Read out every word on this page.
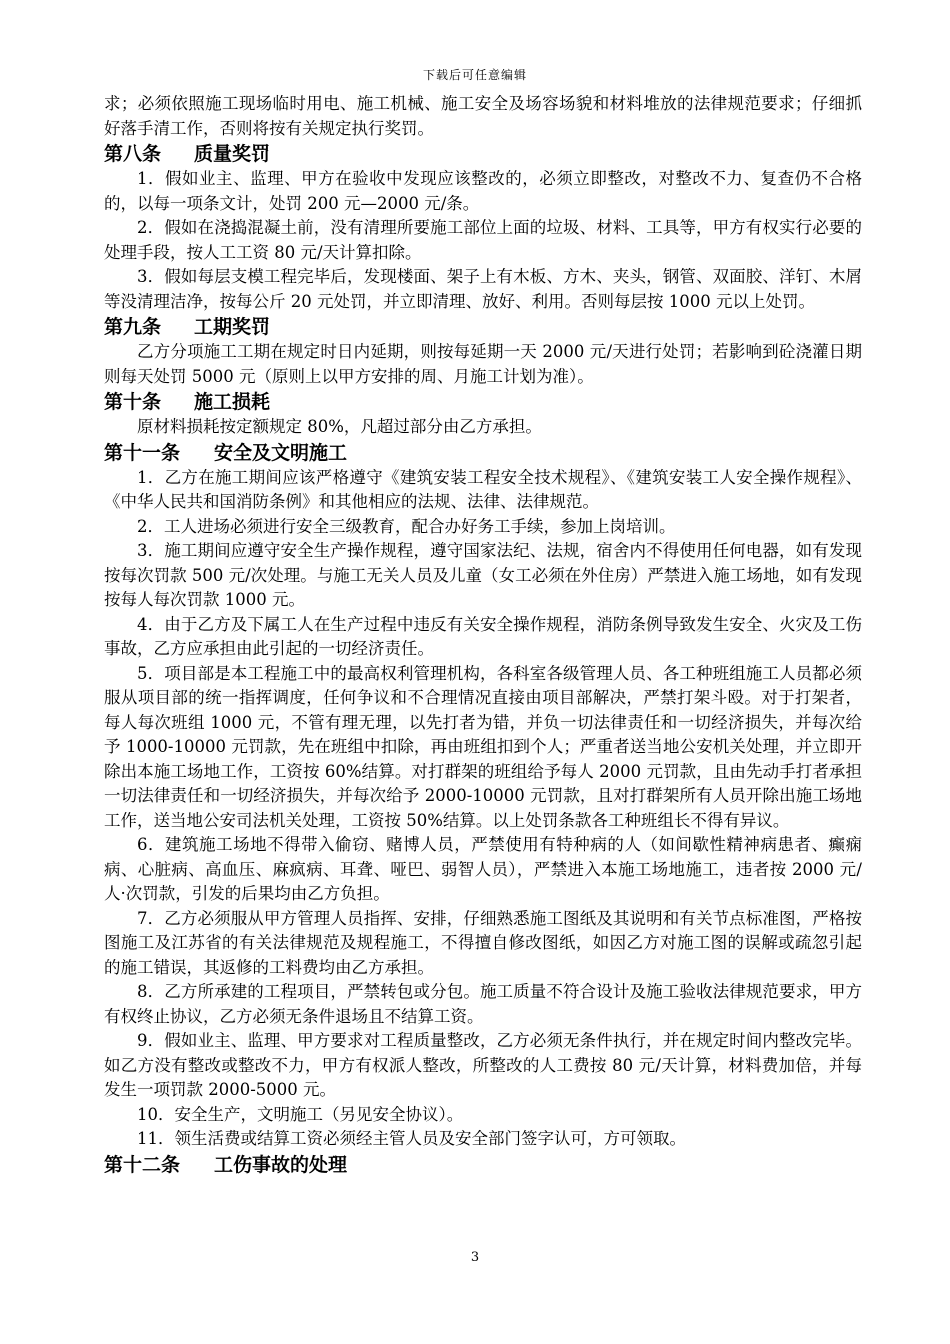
下载后可任意编辑

求；必须依照施工现场临时用电、施工机械、施工安全及场容场貌和材料堆放的法律规范要求；仔细抓好落手清工作，否则将按有关规定执行奖罚。

第八条 质量奖罚

1．假如业主、监理、甲方在验收中发现应该整改的，必须立即整改，对整改不力、复查仍不合格的，以每一项条文计，处罚 200 元—2000 元/条。

2．假如在浇捣混凝土前，没有清理所要施工部位上面的垃圾、材料、工具等，甲方有权实行必要的处理手段，按人工工资 80 元/天计算扣除。

3．假如每层支模工程完毕后，发现楼面、架子上有木板、方木、夹头，钢管、双面胶、洋钉、木屑等没清理洁净，按每公斤 20 元处罚，并立即清理、放好、利用。否则每层按 1000 元以上处罚。

第九条 工期奖罚

乙方分项施工工期在规定时日内延期，则按每延期一天 2000 元/天进行处罚；若影响到砼浇灌日期则每天处罚 5000 元（原则上以甲方安排的周、月施工计划为准）。

第十条 施工损耗

原材料损耗按定额规定 80%，凡超过部分由乙方承担。

第十一条 安全及文明施工

1．乙方在施工期间应该严格遵守《建筑安装工程安全技术规程》、《建筑安装工人安全操作规程》、《中华人民共和国消防条例》和其他相应的法规、法律、法律规范。

2．工人进场必须进行安全三级教育，配合办好务工手续，参加上岗培训。

3．施工期间应遵守安全生产操作规程，遵守国家法纪、法规，宿舍内不得使用任何电器，如有发现按每次罚款 500 元/次处理。与施工无关人员及儿童（女工必须在外住房）严禁进入施工场地，如有发现按每人每次罚款 1000 元。

4．由于乙方及下属工人在生产过程中违反有关安全操作规程，消防条例导致发生安全、火灾及工伤事故，乙方应承担由此引起的一切经济责任。

5．项目部是本工程施工中的最高权利管理机构，各科室各级管理人员、各工种班组施工人员都必须服从项目部的统一指挥调度，任何争议和不合理情况直接由项目部解决，严禁打架斗殴。对于打架者，每人每次班组 1000 元，不管有理无理，以先打者为错，并负一切法律责任和一切经济损失，并每次给予 1000-10000 元罚款，先在班组中扣除，再由班组扣到个人；严重者送当地公安机关处理，并立即开除出本施工场地工作，工资按 60%结算。对打群架的班组给予每人 2000 元罚款，且由先动手打者承担一切法律责任和一切经济损失，并每次给予 2000-10000 元罚款，且对打群架所有人员开除出施工场地工作，送当地公安司法机关处理，工资按 50%结算。以上处罚条款各工种班组长不得有异议。

6．建筑施工场地不得带入偷窃、赌博人员，严禁使用有特种病的人（如间歇性精神病患者、癫痫病、心脏病、高血压、麻疯病、耳聋、哑巴、弱智人员），严禁进入本施工场地施工，违者按 2000 元/人·次罚款，引发的后果均由乙方负担。

7．乙方必须服从甲方管理人员指挥、安排，仔细熟悉施工图纸及其说明和有关节点标准图，严格按图施工及江苏省的有关法律规范及规程施工，不得擅自修改图纸，如因乙方对施工图的误解或疏忽引起的施工错误，其返修的工料费均由乙方承担。

8．乙方所承建的工程项目，严禁转包或分包。施工质量不符合设计及施工验收法律规范要求，甲方有权终止协议，乙方必须无条件退场且不结算工资。

9．假如业主、监理、甲方要求对工程质量整改，乙方必须无条件执行，并在规定时间内整改完毕。如乙方没有整改或整改不力，甲方有权派人整改，所整改的人工费按 80 元/天计算，材料费加倍，并每发生一项罚款 2000-5000 元。

10．安全生产，文明施工（另见安全协议）。

11．领生活费或结算工资必须经主管人员及安全部门签字认可，方可领取。

第十二条 工伤事故的处理
3
